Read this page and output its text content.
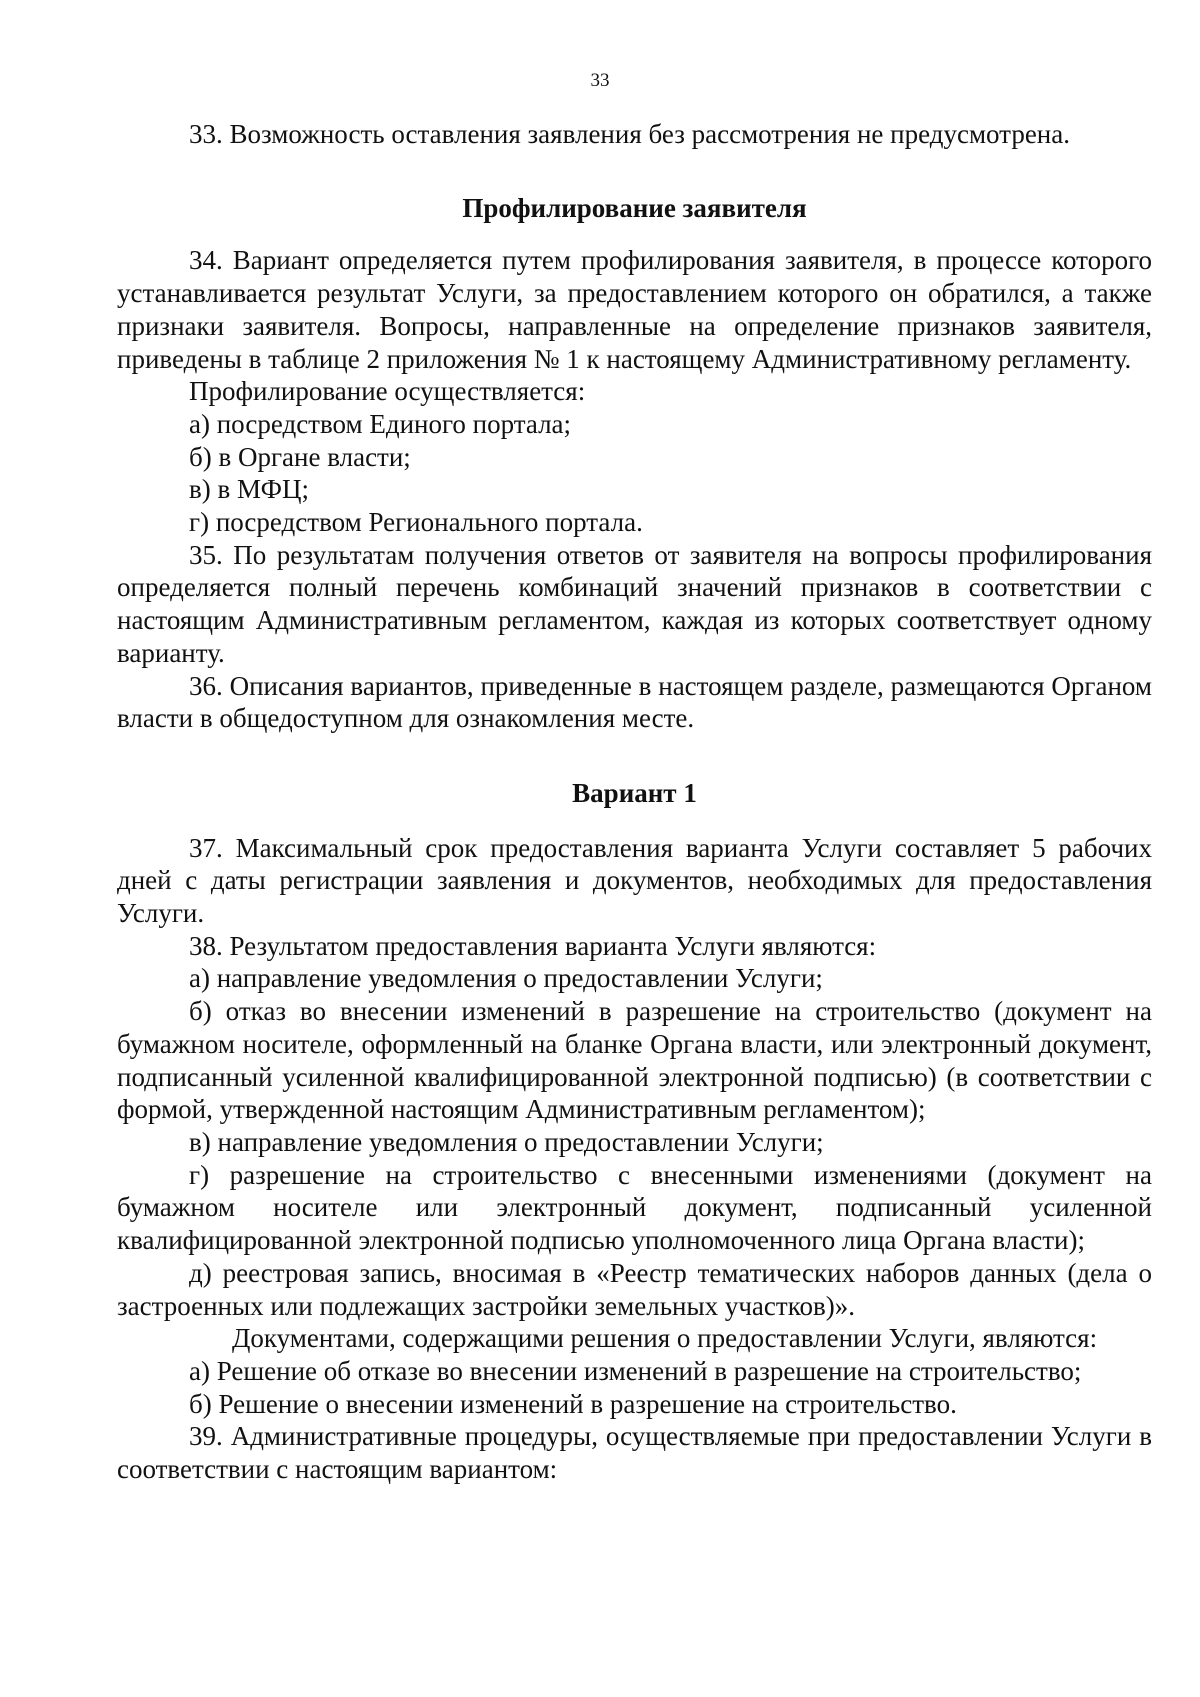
33

33. Возможность оставления заявления без рассмотрения не предусмотрена.

Профилирование заявителя

34. Вариант определяется путем профилирования заявителя, в процессе которого устанавливается результат Услуги, за предоставлением которого он обратился, а также признаки заявителя. Вопросы, направленные на определение признаков заявителя, приведены в таблице 2 приложения № 1 к настоящему Административному регламенту.

Профилирование осуществляется:

а) посредством Единого портала;

б) в Органе власти;

в) в МФЦ;

г) посредством Регионального портала.

35. По результатам получения ответов от заявителя на вопросы профилирования определяется полный перечень комбинаций значений признаков в соответствии с настоящим Административным регламентом, каждая из которых соответствует одному варианту.

36. Описания вариантов, приведенные в настоящем разделе, размещаются Органом власти в общедоступном для ознакомления месте.

Вариант 1

37. Максимальный срок предоставления варианта Услуги составляет 5 рабочих дней с даты регистрации заявления и документов, необходимых для предоставления Услуги.

38. Результатом предоставления варианта Услуги являются:

а) направление уведомления о предоставлении Услуги;

б) отказ во внесении изменений в разрешение на строительство (документ на бумажном носителе, оформленный на бланке Органа власти, или электронный документ, подписанный усиленной квалифицированной электронной подписью) (в соответствии с формой, утвержденной настоящим Административным регламентом);

в) направление уведомления о предоставлении Услуги;

г) разрешение на строительство с внесенными изменениями (документ на бумажном носителе или электронный документ, подписанный усиленной квалифицированной электронной подписью уполномоченного лица Органа власти);

д) реестровая запись, вносимая в «Реестр тематических наборов данных (дела о застроенных или подлежащих застройки земельных участков)».

Документами, содержащими решения о предоставлении Услуги, являются:

а) Решение об отказе во внесении изменений в разрешение на строительство;

б) Решение о внесении изменений в разрешение на строительство.

39. Административные процедуры, осуществляемые при предоставлении Услуги в соответствии с настоящим вариантом:
